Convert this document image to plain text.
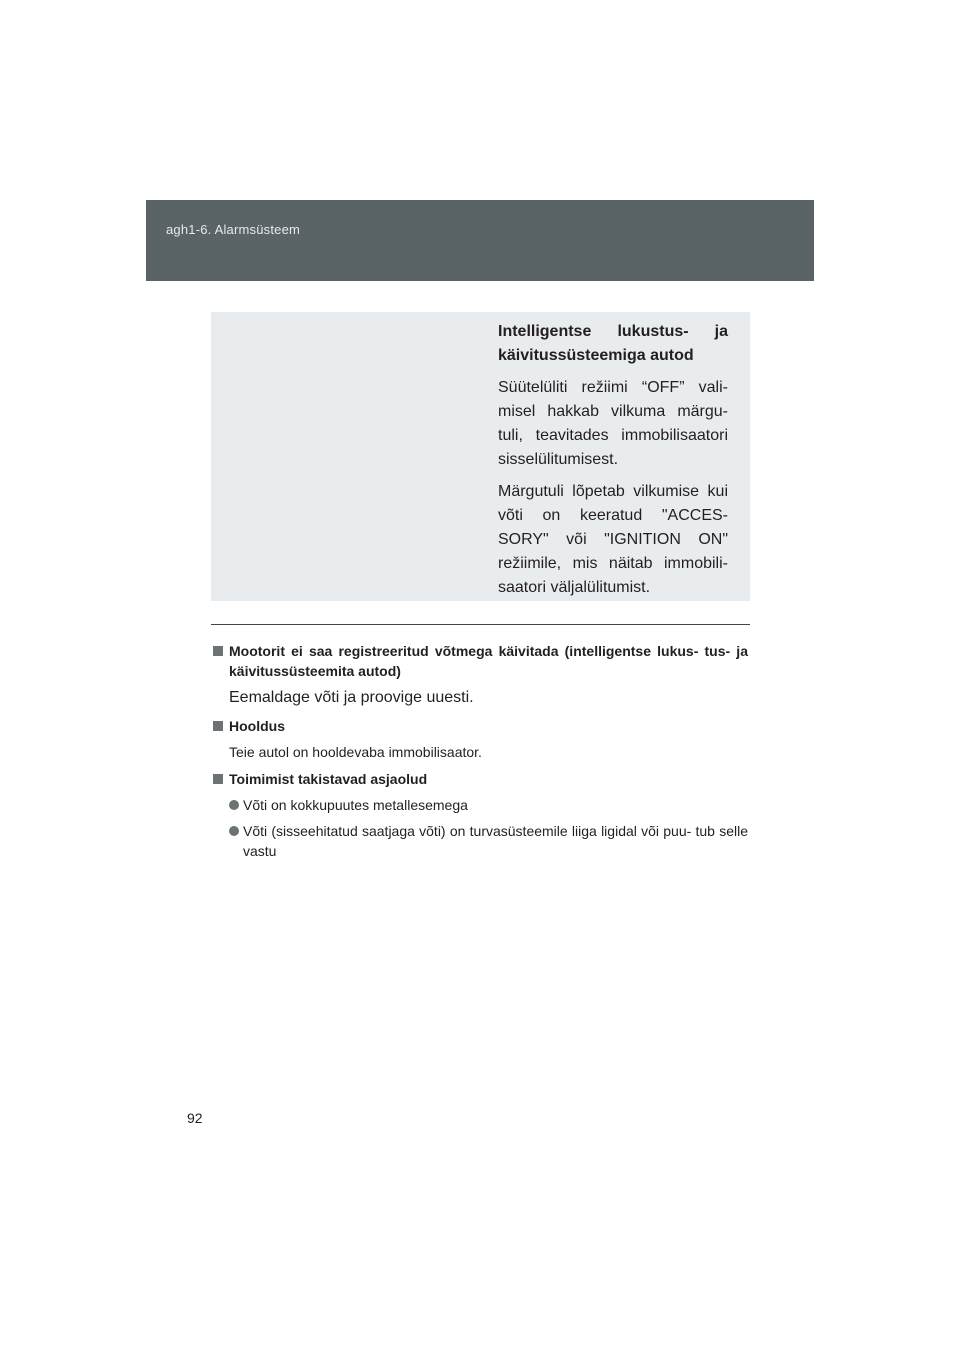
agh1-6. Alarmsüsteem

Intelligentse lukustus- ja käivitussüsteemiga autod

Süütelüliti režiimi “OFF” vali- misel hakkab vilkuma märgu- tuli, teavitades immobilisaatori sisselülitumisest.

Märgutuli lõpetab vilkumise kui võti on keeratud "ACCES- SORY" või "IGNITION ON" režiimile, mis näitab immobili- saatori väljalülitumist.

Mootorit ei saa registreeritud võtmega käivitada (intelligentse lukus- tus- ja käivitussüsteemita autod)
Eemaldage võti ja proovige uuesti.
Hooldus
Teie autol on hooldevaba immobilisaator.
Toimimist takistavad asjaolud
Võti on kokkupuutes metallesemega
Võti (sisseehitatud saatjaga võti) on turvasüsteemile liiga ligidal või puu- tub selle vastu
92
